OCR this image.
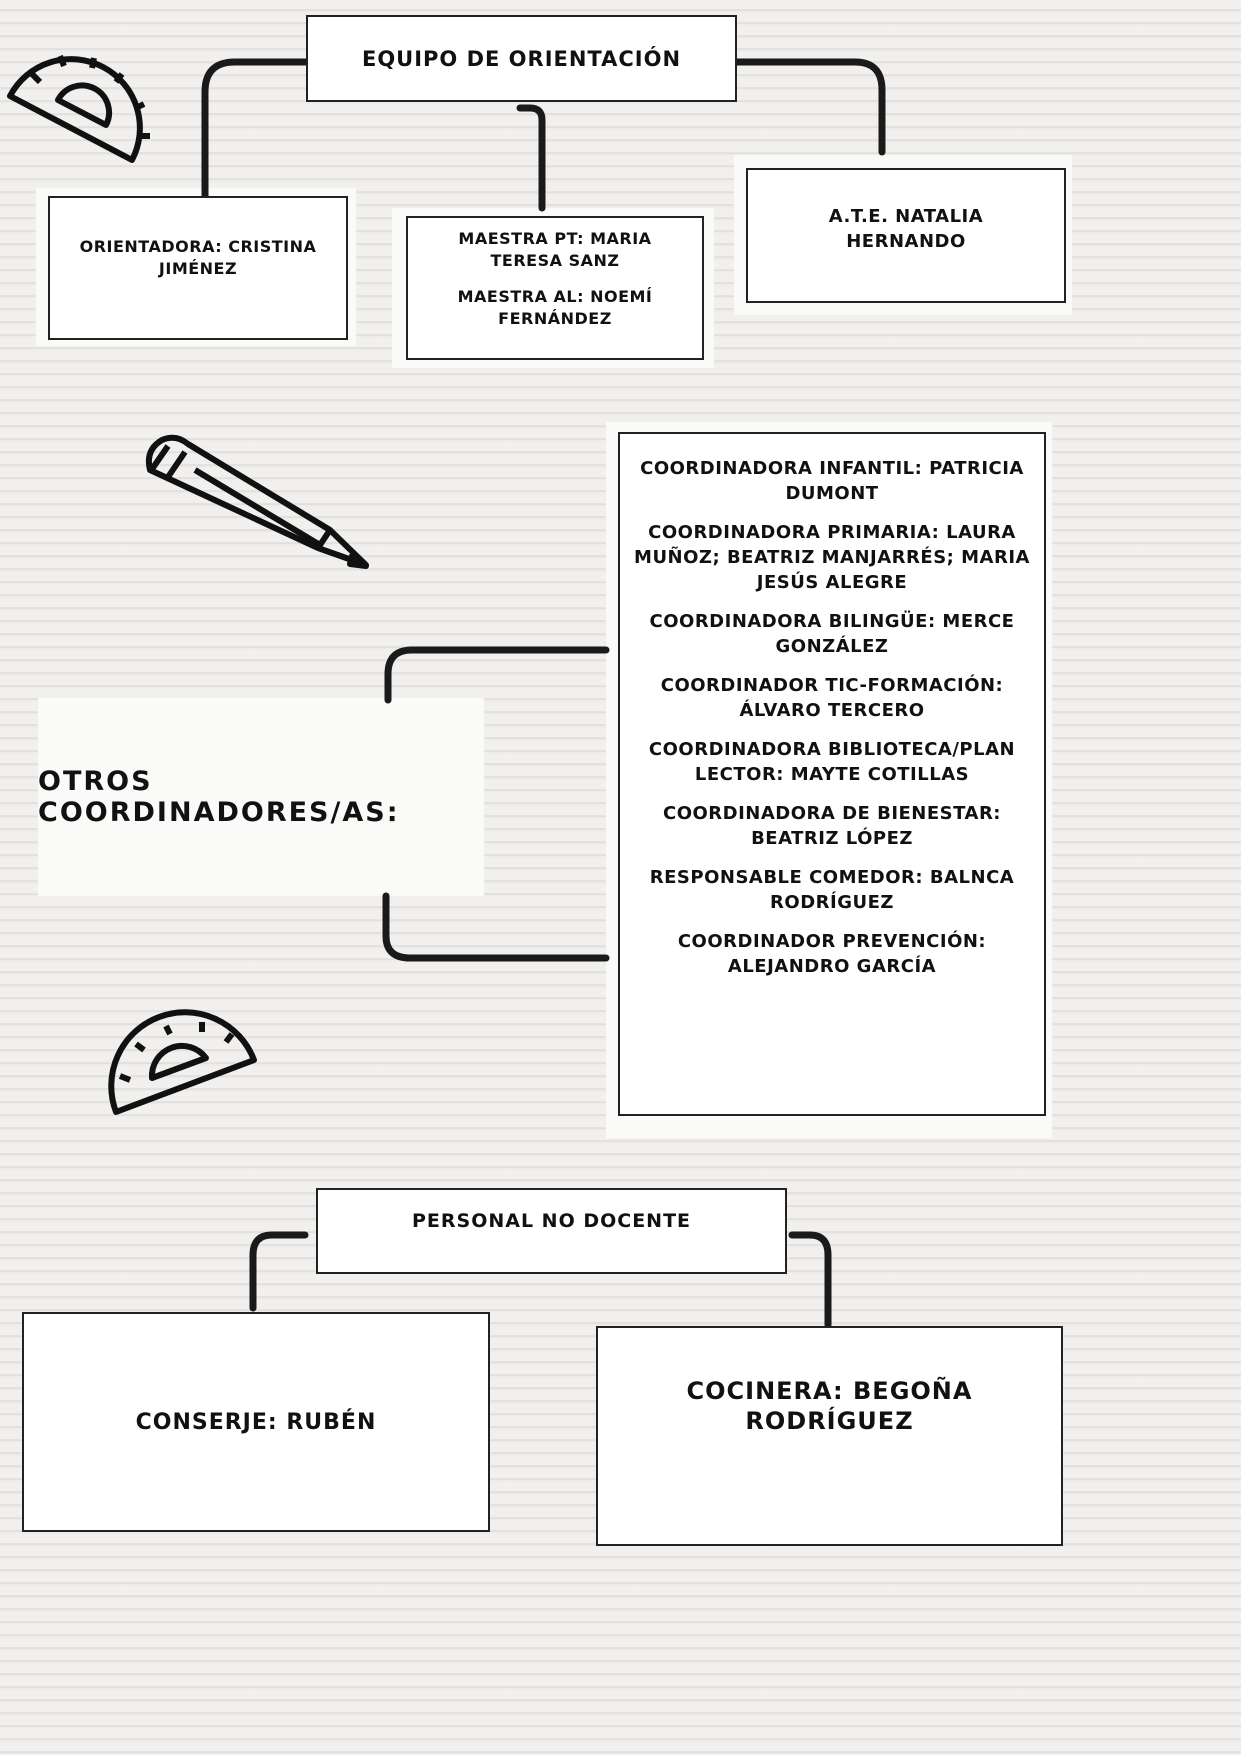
EQUIPO DE ORIENTACIÓN

ORIENTADORA: CRISTINA JIMÉNEZ

MAESTRA PT: MARIA TERESA SANZ

MAESTRA AL: NOEMÍ FERNÁNDEZ

A.T.E. NATALIA HERNANDO

OTROS COORDINADORES/AS:

COORDINADORA INFANTIL: PATRICIA DUMONT

COORDINADORA PRIMARIA: LAURA MUÑOZ; BEATRIZ MANJARRÉS; MARIA JESÚS ALEGRE

COORDINADORA BILINGÜE: MERCE GONZÁLEZ

COORDINADOR TIC-FORMACIÓN: ÁLVARO TERCERO

COORDINADORA BIBLIOTECA/PLAN LECTOR: MAYTE COTILLAS

COORDINADORA DE BIENESTAR: BEATRIZ LÓPEZ

RESPONSABLE COMEDOR: BALNCA RODRÍGUEZ

COORDINADOR PREVENCIÓN: ALEJANDRO GARCÍA

PERSONAL NO DOCENTE

CONSERJE: RUBÉN

COCINERA: BEGOÑA RODRÍGUEZ
